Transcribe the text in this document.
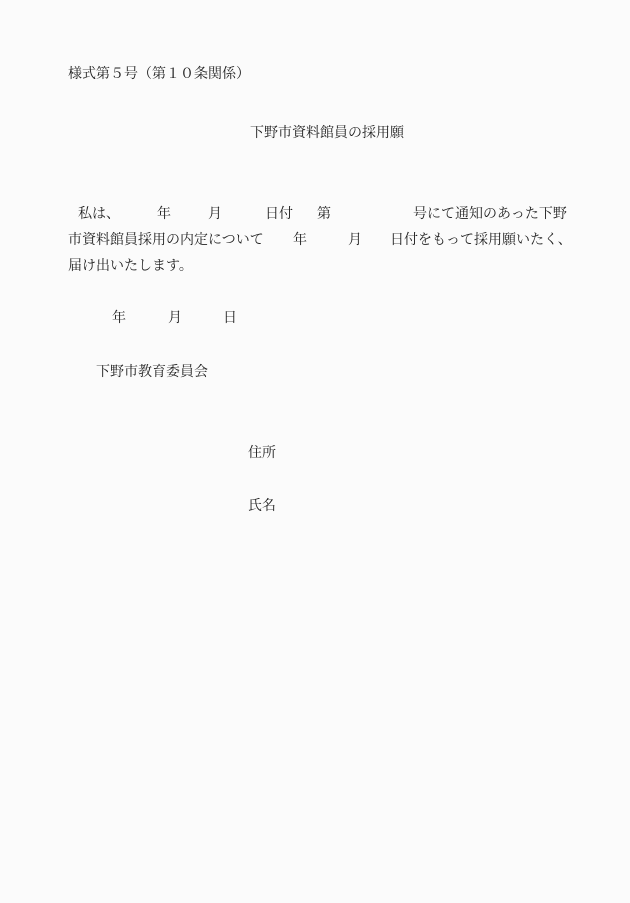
様式第５号（第１０条関係）
下野市資料館員の採用願
私は、	年	月	日付 第	号にて通知のあった下野
市資料館員採用の内定について 年	月 日付をもって採用願いたく、
届け出いたします。
年	月	日
下野市教育委員会
住所
氏名
